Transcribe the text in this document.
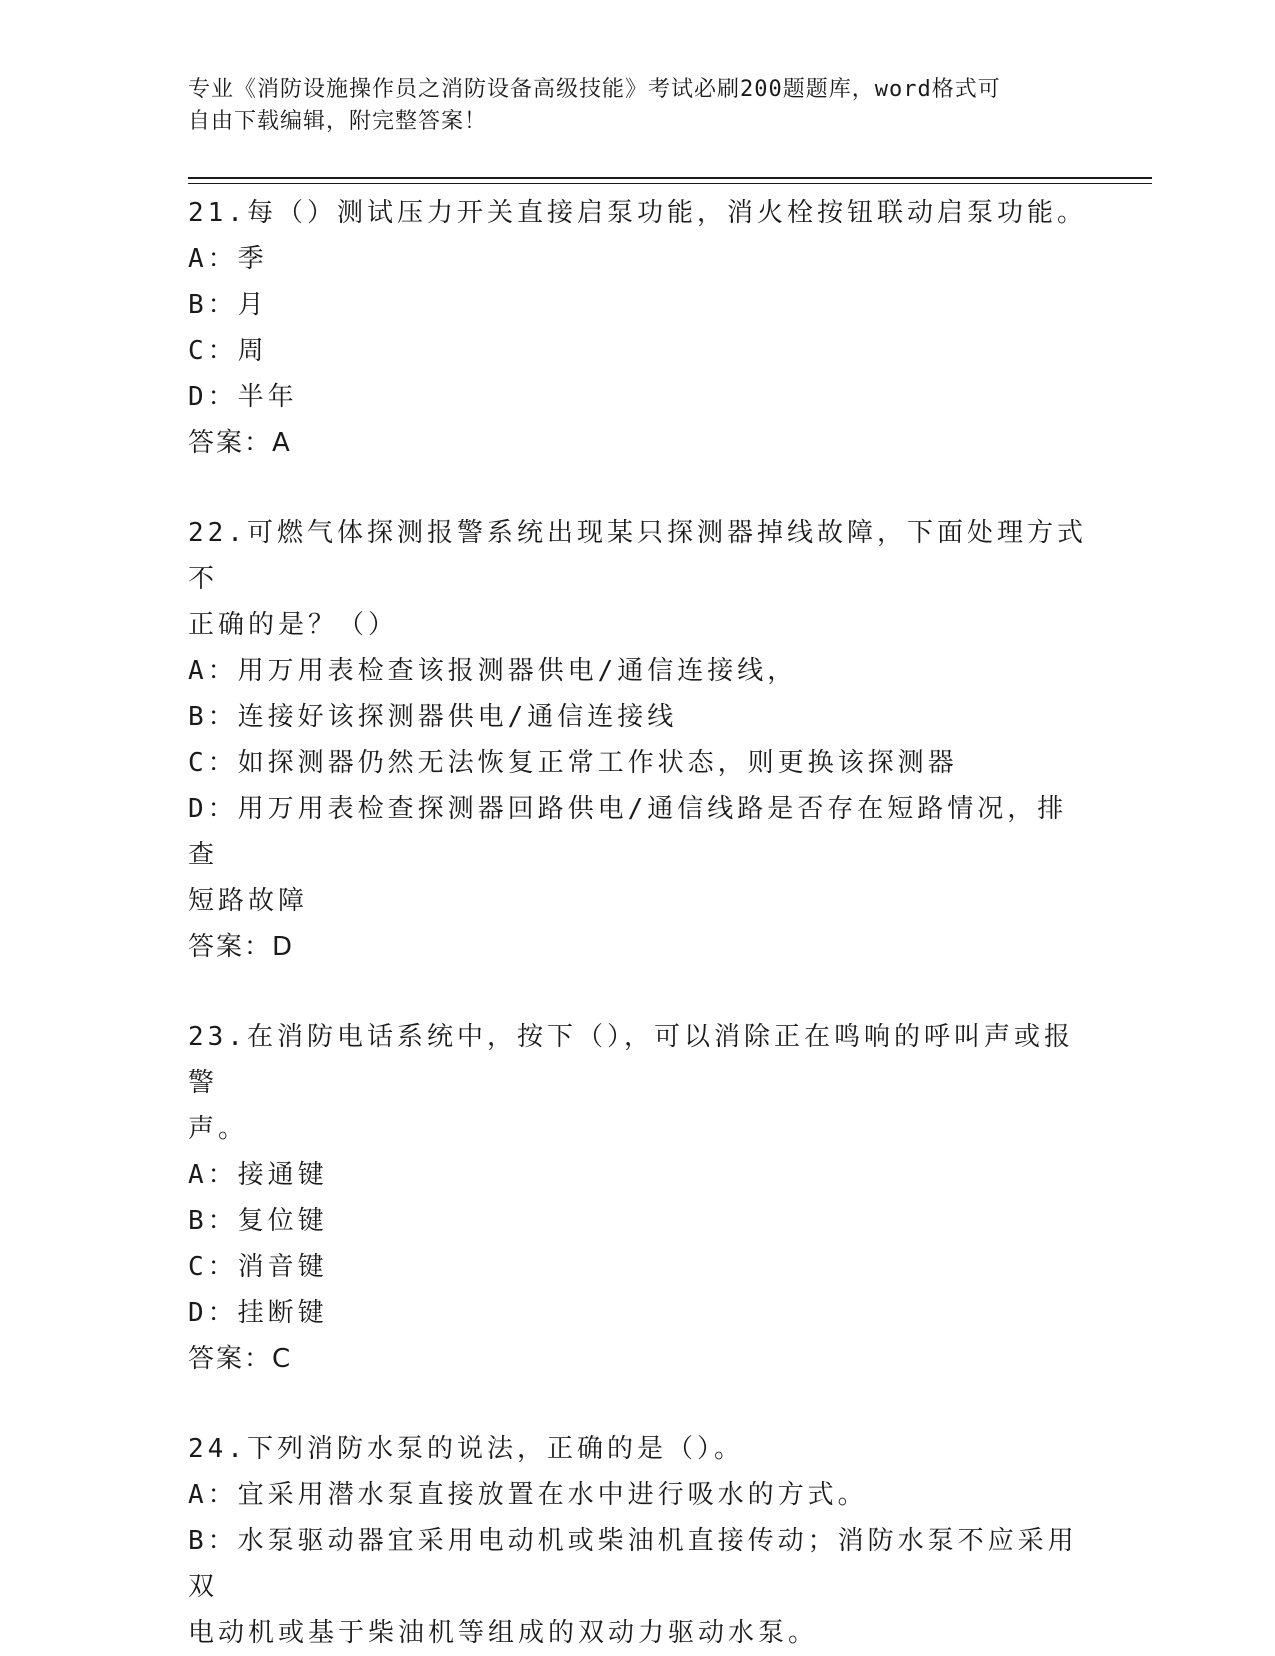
专业《消防设施操作员之消防设备高级技能》考试必刷200题题库，word格式可
自由下载编辑，附完整答案！

21.每（）测试压力开关直接启泵功能，消火栓按钮联动启泵功能。

A：季

B：月

C：周

D：半年

答案：A

22.可燃气体探测报警系统出现某只探测器掉线故障，下面处理方式不

正确的是？（）

A：用万用表检查该报测器供电/通信连接线，

B：连接好该探测器供电/通信连接线

C：如探测器仍然无法恢复正常工作状态，则更换该探测器

D：用万用表检查探测器回路供电/通信线路是否存在短路情况，排查

短路故障

答案：D

23.在消防电话系统中，按下（），可以消除正在鸣响的呼叫声或报警

声。

A：接通键

B：复位键

C：消音键

D：挂断键

答案：C

24.下列消防水泵的说法，正确的是（）。

A：宜采用潜水泵直接放置在水中进行吸水的方式。

B：水泵驱动器宜采用电动机或柴油机直接传动；消防水泵不应采用双

电动机或基于柴油机等组成的双动力驱动水泵。
